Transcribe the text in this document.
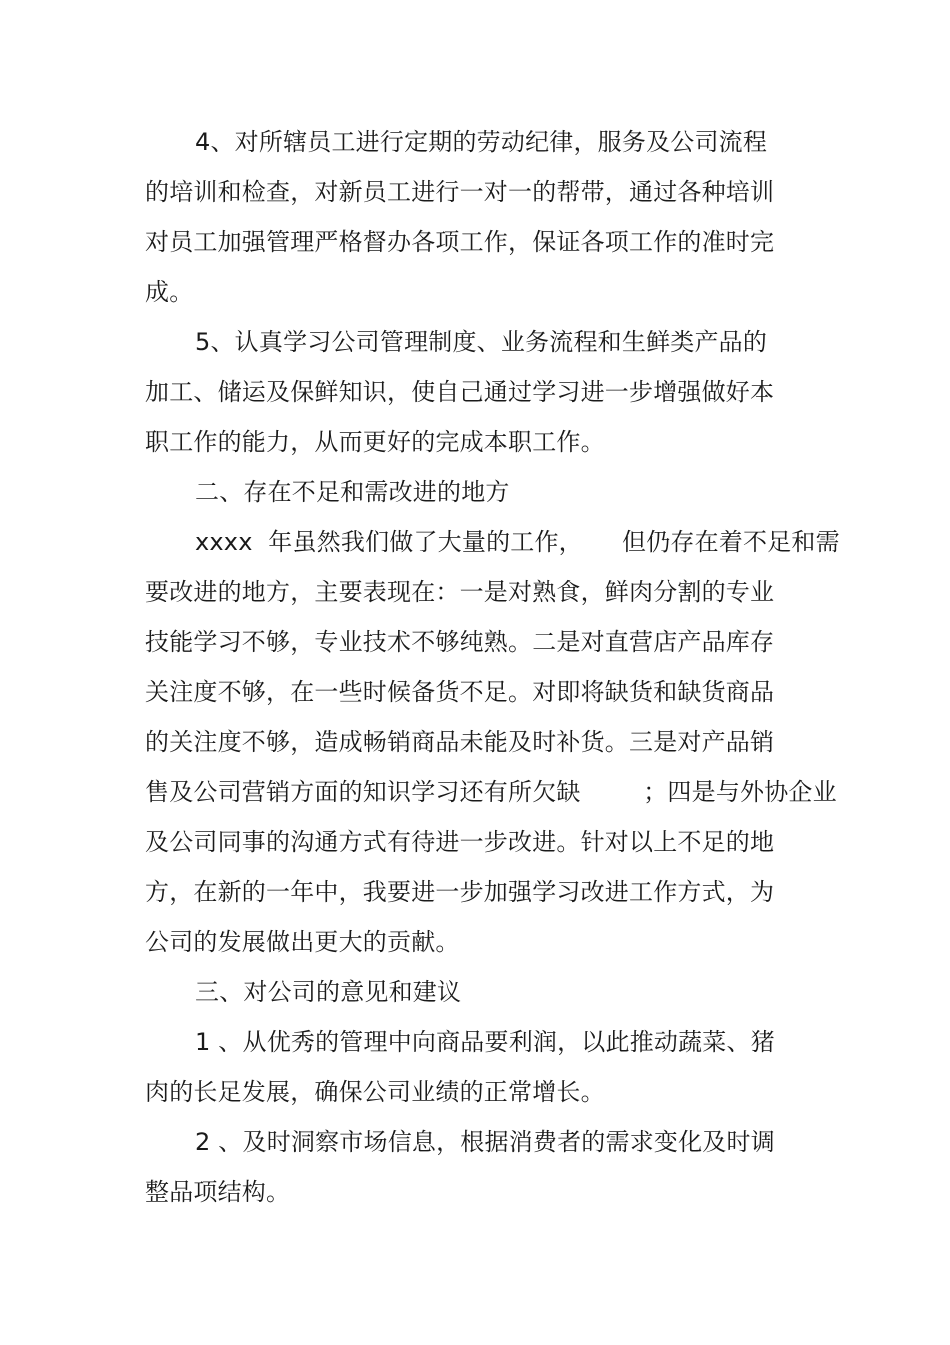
4、对所辖员工进行定期的劳动纪律，服务及公司流程
的培训和检查，对新员工进行一对一的帮带，通过各种培训
对员工加强管理严格督办各项工作，保证各项工作的准时完
成。
5、认真学习公司管理制度、业务流程和生鲜类产品的
加工、储运及保鲜知识，使自己通过学习进一步增强做好本
职工作的能力，从而更好的完成本职工作。
二、存在不足和需改进的地方
xxxx  年虽然我们做了大量的工作，     但仍存在着不足和需
要改进的地方，主要表现在：一是对熟食，鲜肉分割的专业
技能学习不够，专业技术不够纯熟。二是对直营店产品库存
关注度不够，在一些时候备货不足。对即将缺货和缺货商品
的关注度不够，造成畅销商品未能及时补货。三是对产品销
售及公司营销方面的知识学习还有所欠缺        ；四是与外协企业
及公司同事的沟通方式有待进一步改进。针对以上不足的地
方，在新的一年中，我要进一步加强学习改进工作方式，为
公司的发展做出更大的贡献。
三、对公司的意见和建议
1 、从优秀的管理中向商品要利润，以此推动蔬菜、猪
肉的长足发展，确保公司业绩的正常增长。
2 、及时洞察市场信息，根据消费者的需求变化及时调
整品项结构。
